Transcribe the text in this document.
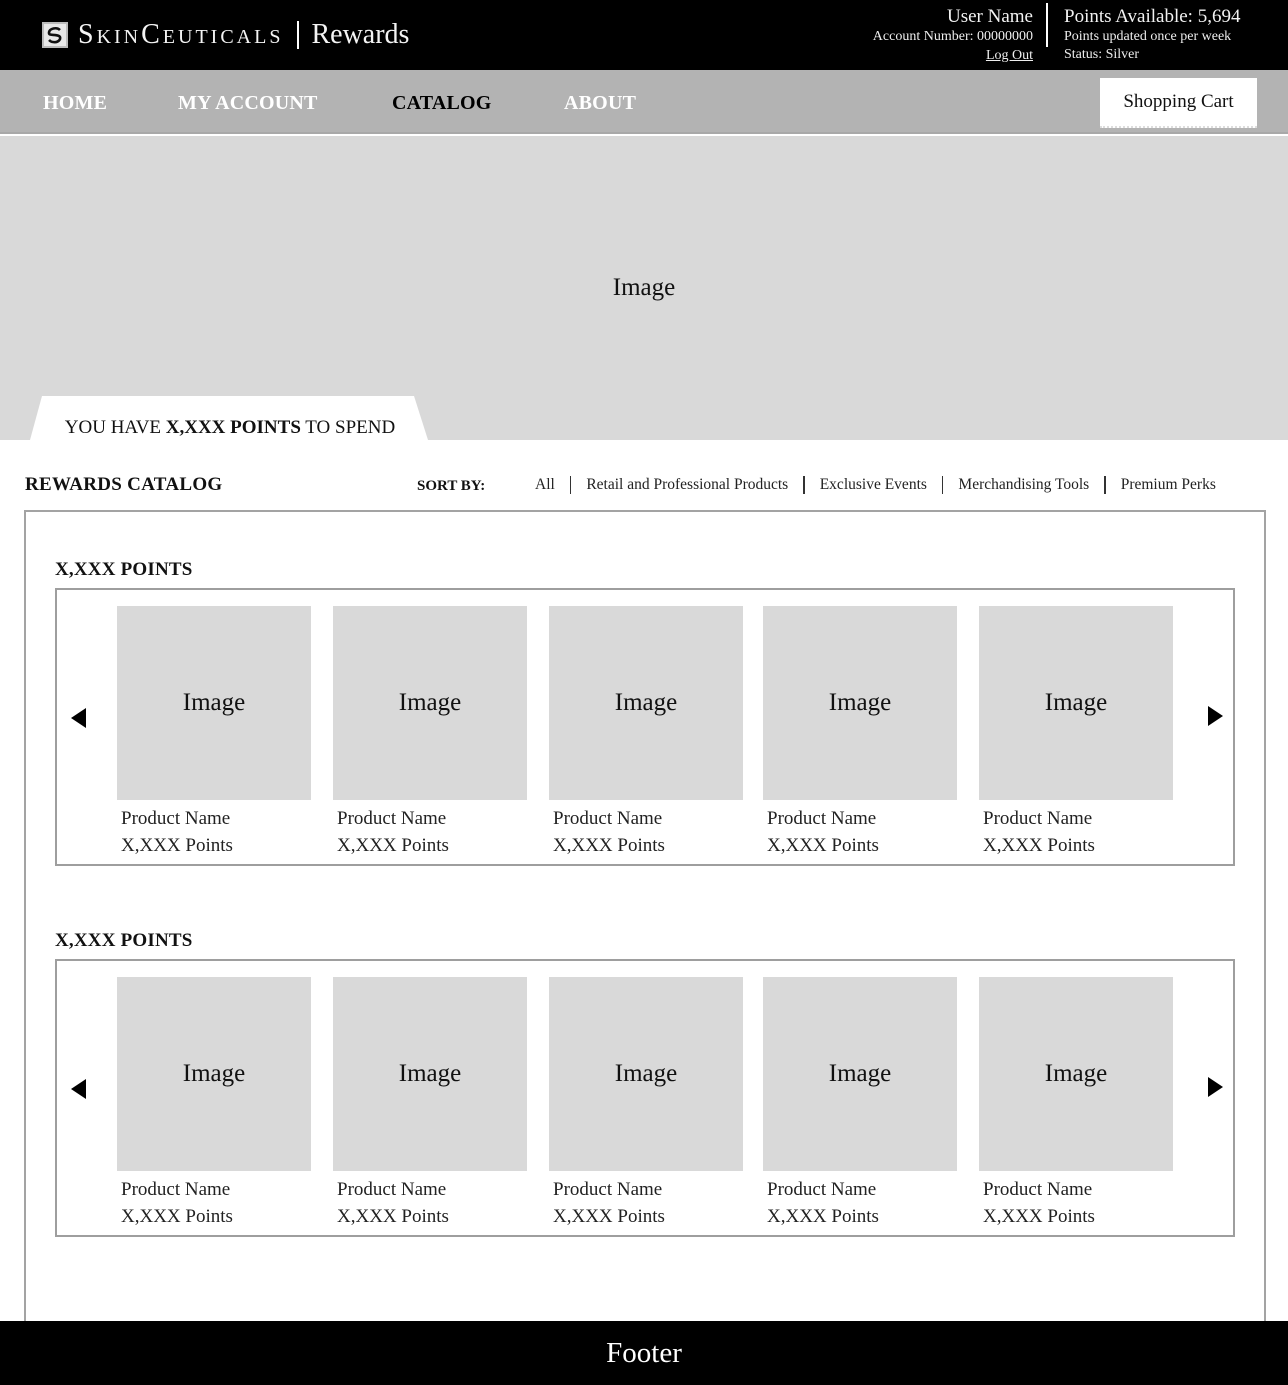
SkinCeuticals Rewards
User Name
Account Number: 00000000
Log Out
Points Available: 5,694
Points updated once per week
Status: Silver
HOME	MY ACCOUNT	CATALOG	ABOUT	Shopping Cart
Image
YOU HAVE X,XXX POINTS TO SPEND
REWARDS CATALOG	SORT BY:	All Retail and Professional Products Exclusive Events Merchandising Tools Premium Perks
X,XXX POINTS
Image
Product Name
X,XXX Points
Image
Product Name
X,XXX Points
Image
Product Name
X,XXX Points
Image
Product Name
X,XXX Points
Image
Product Name
X,XXX Points
X,XXX POINTS
Image
Product Name
X,XXX Points
Image
Product Name
X,XXX Points
Image
Product Name
X,XXX Points
Image
Product Name
X,XXX Points
Image
Product Name
X,XXX Points
Footer
